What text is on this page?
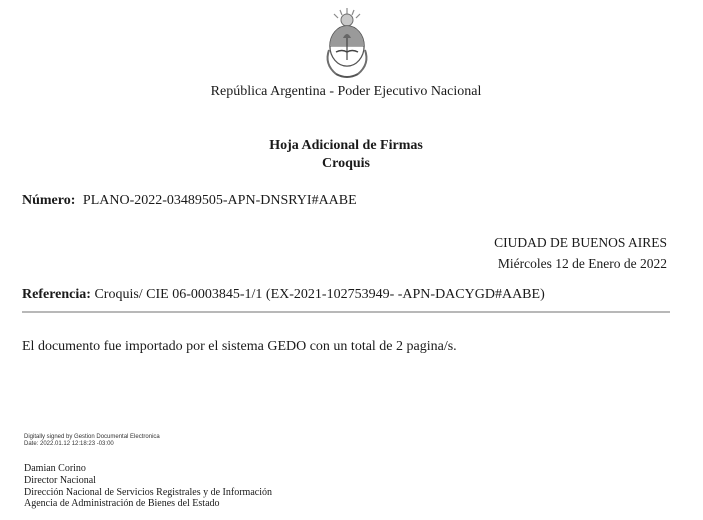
República Argentina - Poder Ejecutivo Nacional
Hoja Adicional de Firmas
Croquis
Número: PLANO-2022-03489505-APN-DNSRYI#AABE
CIUDAD DE BUENOS AIRES
Miércoles 12 de Enero de 2022
Referencia: Croquis/ CIE 06-0003845-1/1 (EX-2021-102753949- -APN-DACYGD#AABE)
El documento fue importado por el sistema GEDO con un total de 2 pagina/s.
Digitally signed by Gestion Documental Electronica
Date: 2022.01.12 12:18:23 -03:00
Damian Corino
Director Nacional
Dirección Nacional de Servicios Registrales y de Información
Agencia de Administración de Bienes del Estado
